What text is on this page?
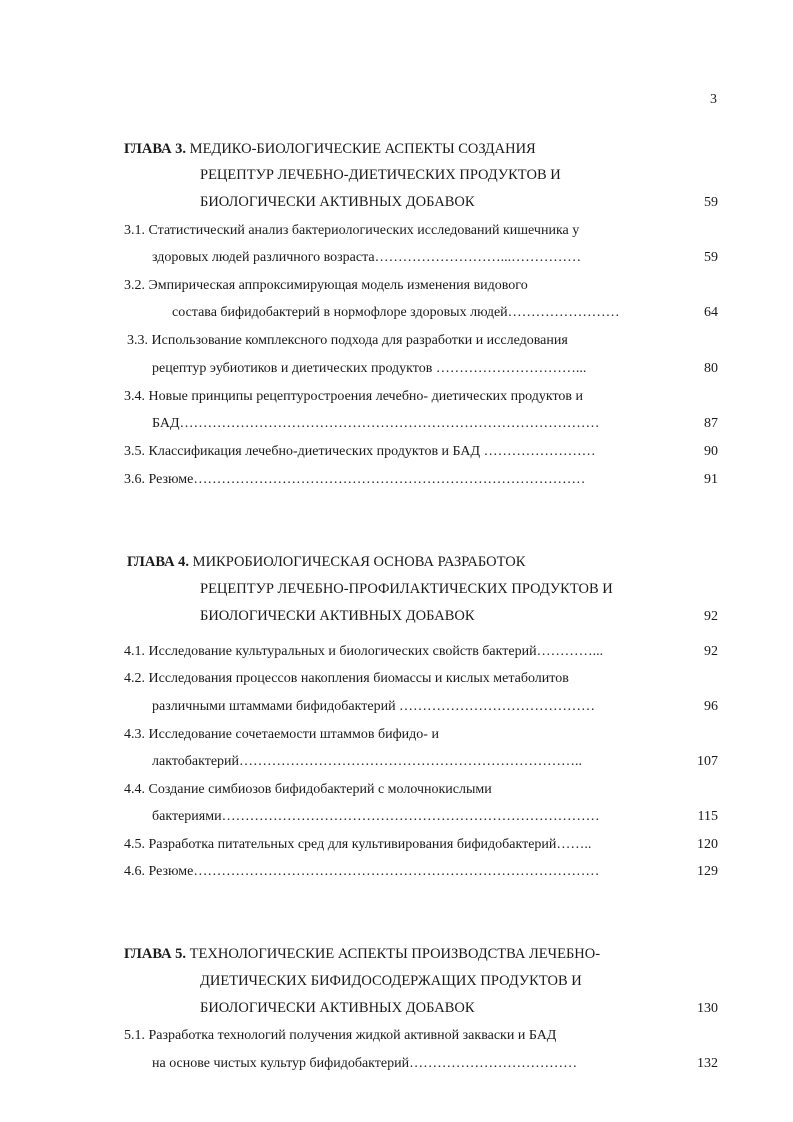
3
ГЛАВА 3. МЕДИКО-БИОЛОГИЧЕСКИЕ АСПЕКТЫ СОЗДАНИЯ
РЕЦЕПТУР ЛЕЧЕБНО-ДИЕТИЧЕСКИХ ПРОДУКТОВ И
БИОЛОГИЧЕСКИ АКТИВНЫХ ДОБАВОК	59
3.1. Статистический анализ бактериологических исследований кишечника у
здоровых людей различного возраста………………………...……………	59
3.2. Эмпирическая аппроксимирующая модель изменения видового
состава бифидобактерий в нормофлоре здоровых людей……………………	64
3.3. Использование комплексного подхода для разработки и исследования
рецептур эубиотиков и диетических продуктов …………………………...	80
3.4. Новые принципы рецептуростроения лечебно- диетических продуктов и
БАД………………………………………………………………………………	87
3.5. Классификация лечебно-диетических продуктов и БАД ……………………	90
3.6. Резюме…………………………………………………………………………	91
ГЛАВА 4. МИКРОБИОЛОГИЧЕСКАЯ ОСНОВА РАЗРАБОТОК
РЕЦЕПТУР ЛЕЧЕБНО-ПРОФИЛАКТИЧЕСКИХ ПРОДУКТОВ И
БИОЛОГИЧЕСКИ АКТИВНЫХ ДОБАВОК	92
4.1. Исследование культуральных и биологических свойств бактерий…………...	92
4.2. Исследования процессов накопления биомассы и кислых метаболитов
различными штаммами бифидобактерий ……………………………………	96
4.3. Исследование сочетаемости штаммов бифидо- и
лактобактерий………………………………………………………………..	107
4.4. Создание симбиозов бифидобактерий с молочнокислыми
бактериями………………………………………………………………………	115
4.5. Разработка питательных сред для культивирования бифидобактерий……..	120
4.6. Резюме……………………………………………………………………………	129
ГЛАВА 5. ТЕХНОЛОГИЧЕСКИЕ АСПЕКТЫ ПРОИЗВОДСТВА ЛЕЧЕБНО-
ДИЕТИЧЕСКИХ БИФИДОСОДЕРЖАЩИХ ПРОДУКТОВ И
БИОЛОГИЧЕСКИ АКТИВНЫХ ДОБАВОК	130
5.1. Разработка технологий получения жидкой активной закваски и БАД
на основе чистых культур бифидобактерий………………………………	132
